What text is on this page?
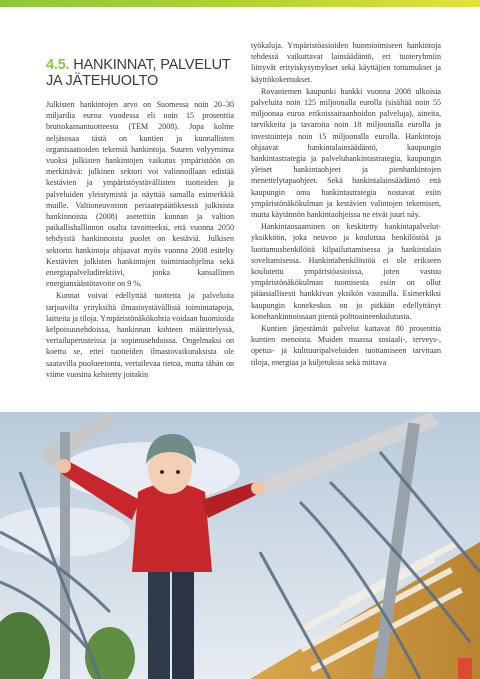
4.5. HANKINNAT, PALVELUT JA JÄTEHUOLTO

Julkisten hankintojen arvo on Suomessa noin 20–30 miljardia euroa vuodessa eli noin 15 prosenttia bruttokansantuotteesta (TEM 2008). Jopa kolme neljäsosaa tästä on kuntien ja kunnallisten organisaatioiden tekemiä hankintoja. Suuren volyyminsa vuoksi julkisten hankintojen vaikutus ympäristöön on merkittävä: julkinen sektori voi valinnoillaan edistää kestävien ja ympäristöystävällisten tuotteiden ja palveluiden yleistymistä ja näyttää samalla esimerkkiä muille. Valtioneuvoston periaatepäätöksessä julkisista hankinnoista (2008) asetettiin kunnan ja valtion paikallishallinnon osalta tavoitteeksi, että vuonna 2050 tehdyistä hankinnoista puolet on kestäviä. Julkisen sektorin hankintoja ohjaavat myös vuonna 2008 esitelty Kestävien julkisten hankintojen toimintaohjelma sekä energiapalveludirektiivi, jonka kansallinen energiansäästötavoite on 9 %.

Kunnat voivat edellyttää tuotteita ja palveluita tarjoavilta yrityksiltä ilmastoystävällisiä toimintatapoja, laitteita ja tiloja. Ympäristönäkökohtia voidaan huomioida kelpoisuusehdoissa, hankinnan kohteen määrittelyssä, vertailuperusteissa ja sopimusehdoissa. Ongelmaksi on koettu se, ettei tuotteiden ilmastovaikutuksista ole saatavilla puolueetonta, vertailevaa tietoa, mutta tähän on viime vuosina kehitetty joitakin

työkaluja. Ympäristöasioiden huomioimiseen hankintoja tehdessä vaikuttavat lainsäädäntö, eri tuoteryhmiin liittyvät erityiskysymykset sekä käyttäjien tottumukset ja käyttökokemukset.

Rovaniemen kaupunki hankki vuonna 2008 ulkoisia palveluita noin 125 miljoonalla eurolla (sisältää noin 55 miljoonaa euroa erikoissairaanhoidon palveluja), aineita, tarvikkeita ja tavaroita noin 18 miljoonalla eurolla ja investointeja noin 15 miljoonalla eurolla. Hankintoja ohjaavat hankintalainsäädäntö, kaupungin hankintastrategia ja palveluhankintastrategia, kaupungin yleiset hankintaohjeet ja pienhankintojen menettelytapaohjeet. Sekä hankintalainsäädäntö että kaupungin oma hankintastrategia nostavat esiin ympäristönäkökulman ja kestävien valintojen tekemisen, mutta käytännön hankintaohjeissa ne eivät juuri näy.

Hankintaosaaminen on keskitetty hankintapalvelut-yksikköön, joka neuvoo ja kouluttaa henkilöstöä ja luottamushenkilöitä kilpailuttamisessa ja hankintalain soveltamisessa. Hankintahenkilöstöä ei ole erikseen koulutettu ympäristöasioissa, joten vastuu ympäristönäkökulman tuomisesta esiin on ollut pääasiallisesti hankkivan yksikön vastuulla. Esimerkiksi kaupungin konekeskus on jo pitkään edellyttänyt konehankinnoissaan pientä polttoaineenkulutusta.

Kuntien järjestämät palvelut kattavat 80 prosenttia kuntien menoista. Muiden muassa sosiaali-, terveys-, opetus- ja kulttuuripalveluiden tuottamiseen tarvitaan tiloja, energiaa ja kuljetuksia sekä mittava
